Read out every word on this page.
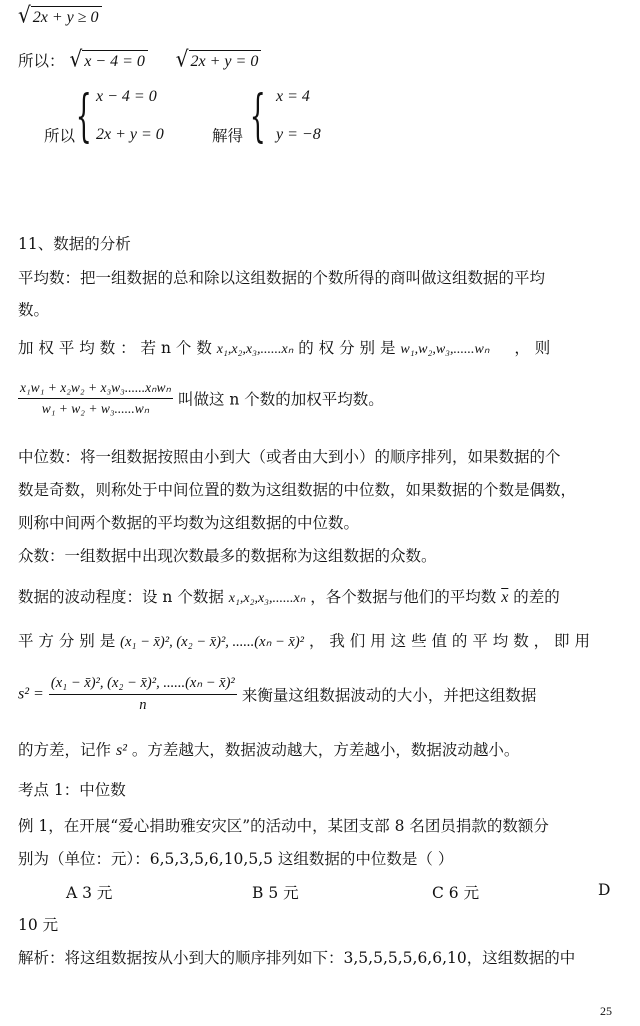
√ 2x + y ≥ 0
所以： √ x − 4 = 0 √ 2x + y = 0
所以 { x − 4 = 0
2x + y = 0	解得 { x = 4
y = −8
11、数据的分析
平均数：把一组数据的总和除以这组数据的个数所得的商叫做这组数据的平均
数。
加 权 平 均 数 ： 若 n 个 数 x₁,x₂,x₃,......xₙ 的 权 分 别 是 w₁,w₂,w₃,......wₙ ， 则
$\frac{\text{x₁w₁ + x₂w₂ + x₃w₃......xₙwₙ}}{\text{w₁ + w₂ + w₃......wₙ}}$ 叫做这 n 个数的加权平均数。
中位数：将一组数据按照由小到大（或者由大到小）的顺序排列，如果数据的个
数是奇数，则称处于中间位置的数为这组数据的中位数，如果数据的个数是偶数，
则称中间两个数据的平均数为这组数据的中位数。
众数：一组数据中出现次数最多的数据称为这组数据的众数。
数据的波动程度：设 n 个数据 x₁,x₂,x₃,......xₙ ，各个数据与他们的平均数 $\overline{x}$ 的差的
平 方 分 别 是 (x₁ − x̄)², (x₂ − x̄)², ......(xₙ − x̄)² ， 我 们 用 这 些 值 的 平 均 数 ， 即 用
$s^2 = \frac{\text{(x₁ − x̄)², (x₂ − x̄)², ......(xₙ − x̄)²}}{n}$ 来衡量这组数据波动的大小，并把这组数据
的方差，记作 s² 。方差越大，数据波动越大，方差越小，数据波动越小。
考点 1：中位数
例 1，在开展“爱心捐助雅安灾区”的活动中，某团支部 8 名团员捐款的数额分
别为（单位：元）：6,5,3,5,6,10,5,5 这组数据的中位数是（ ）
A 3 元	B 5 元	C 6 元	D
10 元
解析：将这组数据按从小到大的顺序排列如下：3,5,5,5,5,6,6,10，这组数据的中
25
